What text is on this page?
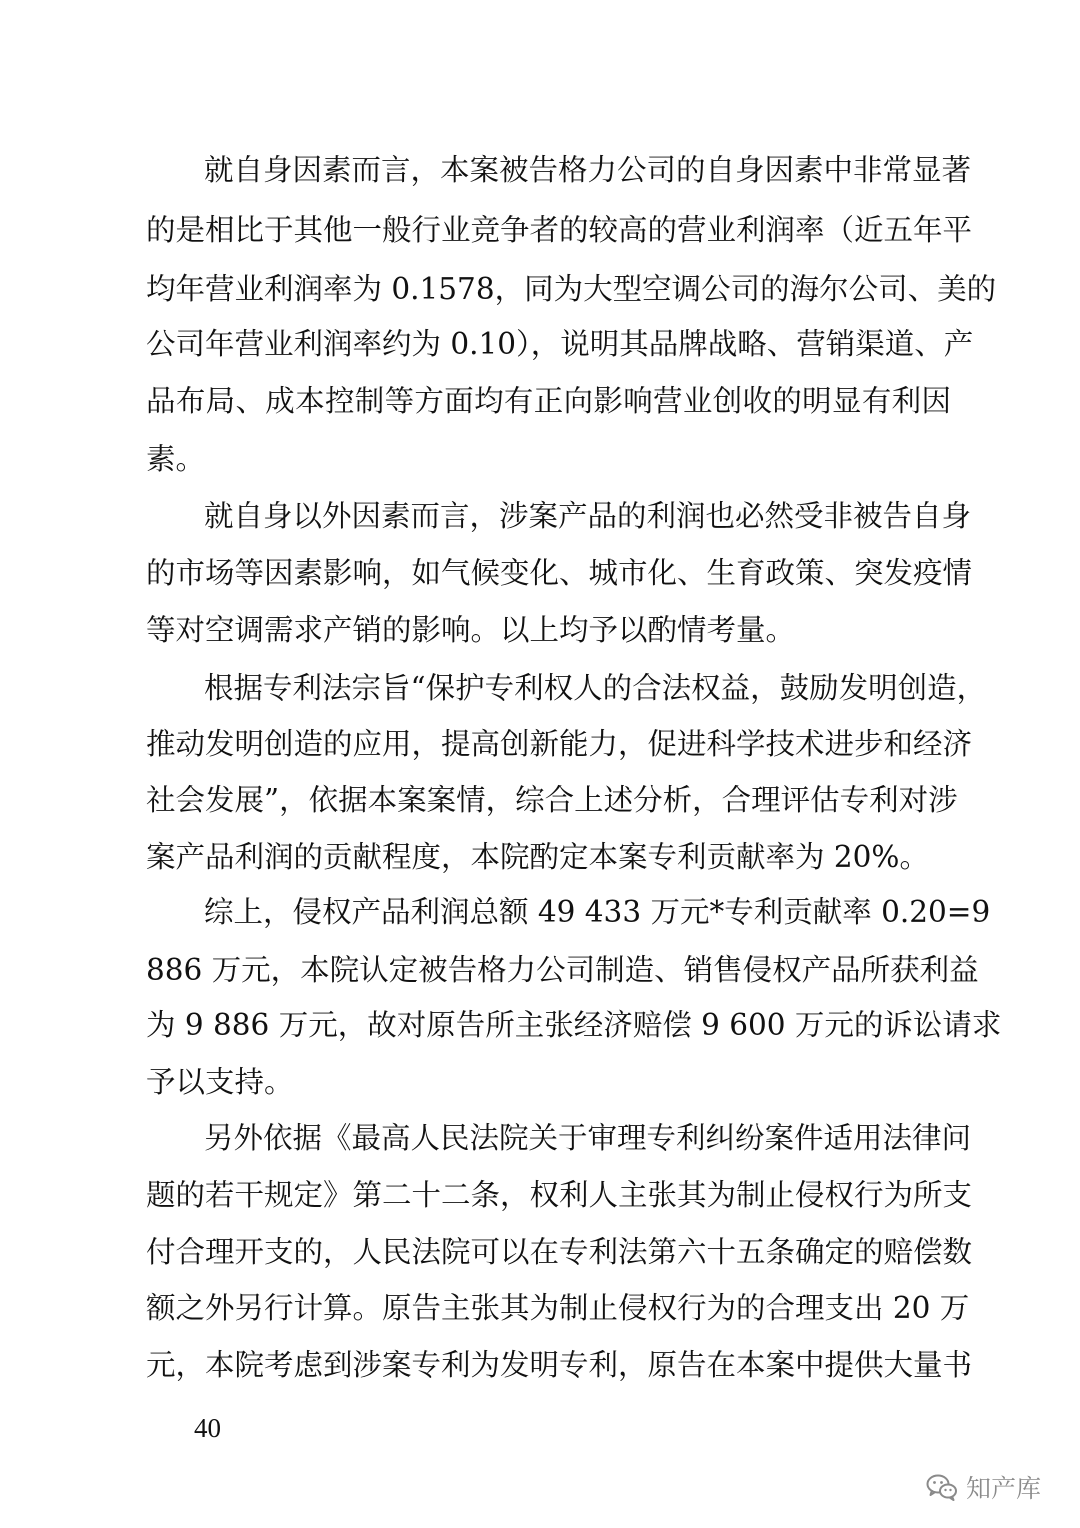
就自身因素而言，本案被告格力公司的自身因素中非常显著
的是相比于其他一般行业竞争者的较高的营业利润率（近五年平
均年营业利润率为 0.1578，同为大型空调公司的海尔公司、美的
公司年营业利润率约为 0.10），说明其品牌战略、营销渠道、产
品布局、成本控制等方面均有正向影响营业创收的明显有利因
素。
就自身以外因素而言，涉案产品的利润也必然受非被告自身
的市场等因素影响，如气候变化、城市化、生育政策、突发疫情
等对空调需求产销的影响。以上均予以酌情考量。
根据专利法宗旨“保护专利权人的合法权益，鼓励发明创造，
推动发明创造的应用，提高创新能力，促进科学技术进步和经济
社会发展”，依据本案案情，综合上述分析，合理评估专利对涉
案产品利润的贡献程度，本院酌定本案专利贡献率为 20%。
综上，侵权产品利润总额 49 433 万元*专利贡献率 0.20=9
886 万元，本院认定被告格力公司制造、销售侵权产品所获利益
为 9 886 万元，故对原告所主张经济赔偿 9 600 万元的诉讼请求
予以支持。
另外依据《最高人民法院关于审理专利纠纷案件适用法律问
题的若干规定》第二十二条，权利人主张其为制止侵权行为所支
付合理开支的，人民法院可以在专利法第六十五条确定的赔偿数
额之外另行计算。原告主张其为制止侵权行为的合理支出 20 万
元，本院考虑到涉案专利为发明专利，原告在本案中提供大量书
40
知产库
